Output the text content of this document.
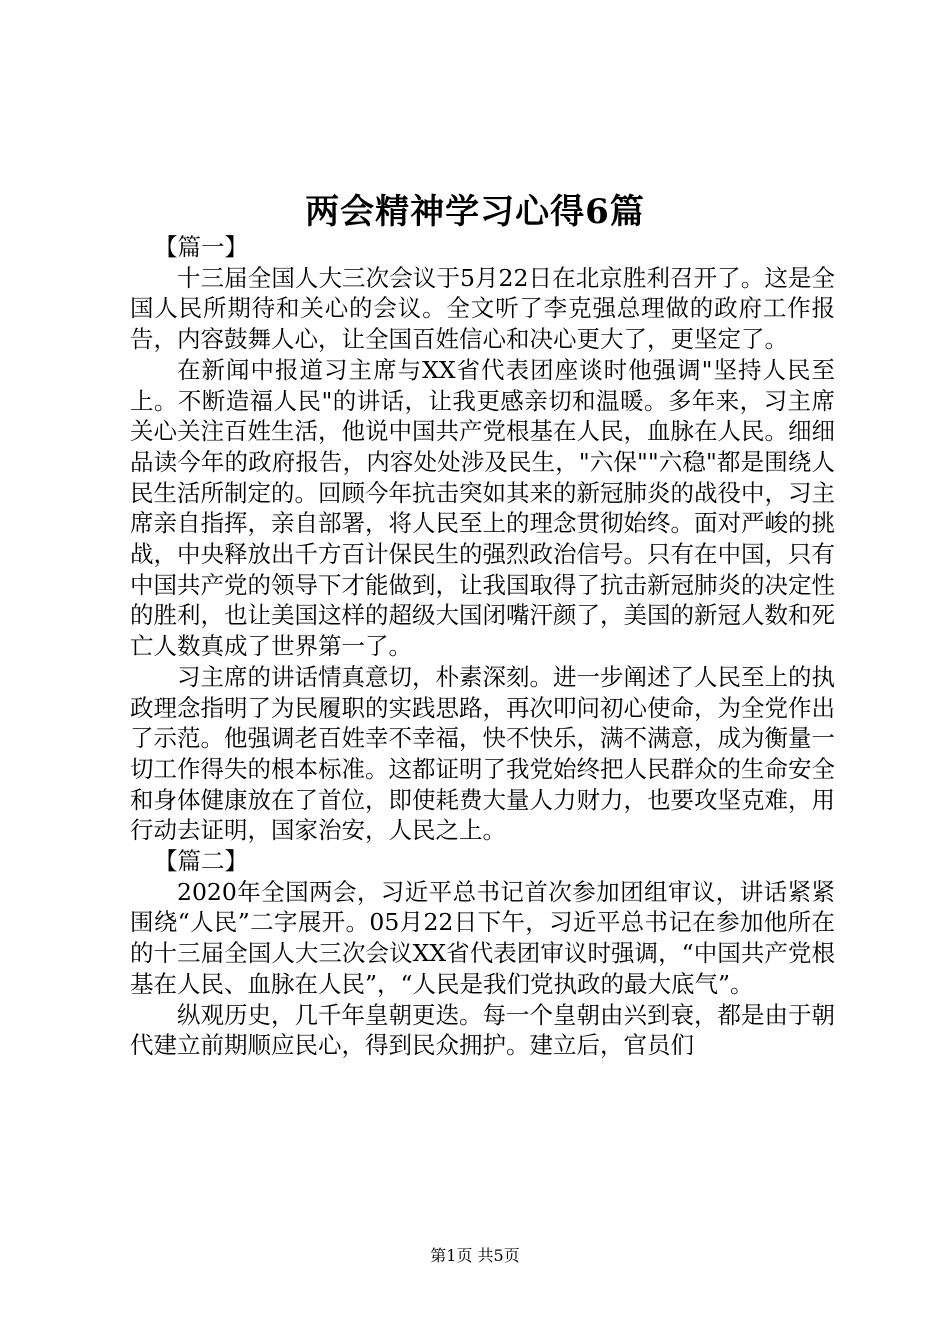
两会精神学习心得6篇

【篇一】

十三届全国人大三次会议于5月22日在北京胜利召开了。这是全国人民所期待和关心的会议。全文听了李克强总理做的政府工作报告，内容鼓舞人心，让全国百姓信心和决心更大了，更坚定了。

在新闻中报道习主席与XX省代表团座谈时他强调"坚持人民至上。不断造福人民"的讲话，让我更感亲切和温暖。多年来，习主席关心关注百姓生活，他说中国共产党根基在人民，血脉在人民。细细品读今年的政府报告，内容处处涉及民生，"六保""六稳"都是围绕人民生活所制定的。回顾今年抗击突如其来的新冠肺炎的战役中，习主席亲自指挥，亲自部署，将人民至上的理念贯彻始终。面对严峻的挑战，中央释放出千方百计保民生的强烈政治信号。只有在中国，只有中国共产党的领导下才能做到，让我国取得了抗击新冠肺炎的决定性的胜利，也让美国这样的超级大国闭嘴汗颜了，美国的新冠人数和死亡人数真成了世界第一了。

习主席的讲话情真意切，朴素深刻。进一步阐述了人民至上的执政理念指明了为民履职的实践思路，再次叩问初心使命，为全党作出了示范。他强调老百姓幸不幸福，快不快乐，满不满意，成为衡量一切工作得失的根本标准。这都证明了我党始终把人民群众的生命安全和身体健康放在了首位，即使耗费大量人力财力，也要攻坚克难，用行动去证明，国家治安，人民之上。

【篇二】

2020年全国两会，习近平总书记首次参加团组审议，讲话紧紧围绕“人民”二字展开。05月22日下午，习近平总书记在参加他所在的十三届全国人大三次会议XX省代表团审议时强调，“中国共产党根基在人民、血脉在人民”，“人民是我们党执政的最大底气”。

纵观历史，几千年皇朝更迭。每一个皇朝由兴到衰，都是由于朝代建立前期顺应民心，得到民众拥护。建立后，官员们

第1页 共5页
